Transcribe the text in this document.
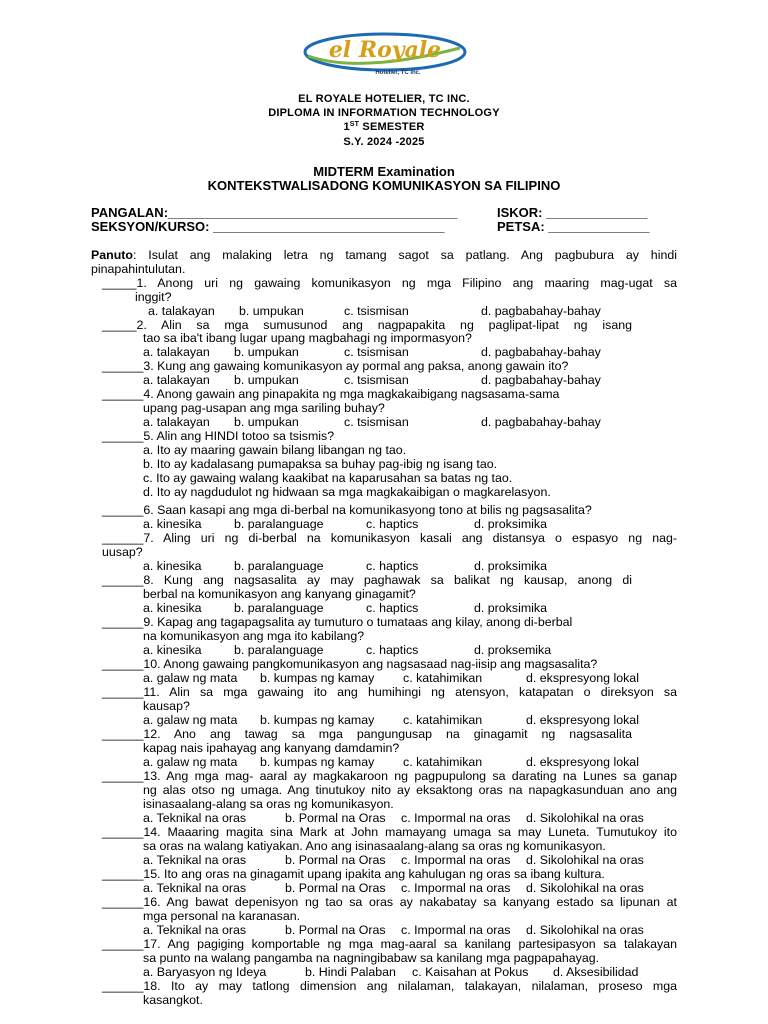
el Royale
Hotelier, TC Inc.
EL ROYALE HOTELIER, TC INC.
DIPLOMA IN INFORMATION TECHNOLOGY
1ST SEMESTER
S.Y. 2024 -2025
MIDTERM Examination
KONTEKSTWALISADONG KOMUNIKASYON SA FILIPINO
PANGALAN:________________________________________	ISKOR: ______________
SEKSYON/KURSO: ________________________________	PETSA: ______________
Panuto: Isulat ang malaking letra ng tamang sagot sa patlang. Ang pagbubura ay hindi
pinapahintulutan.
_____1. Anong uri ng gawaing komunikasyon ng mga Filipino ang maaring mag-ugat sa
inggit?
a. talakayan b. umpukan	c. tsismisan	d. pagbabahay-bahay
_____2. Alin sa mga sumusunod ang nagpapakita ng paglipat-lipat ng isang
tao sa iba't ibang lugar upang magbahagi ng impormasyon?
a. talakayan b. umpukan	c. tsismisan	d. pagbabahay-bahay
______3. Kung ang gawaing komunikasyon ay pormal ang paksa, anong gawain ito?
a. talakayan b. umpukan	c. tsismisan	d. pagbabahay-bahay
______4. Anong gawain ang pinapakita ng mga magkakaibigang nagsasama-sama
upang pag-usapan ang mga sariling buhay?
a. talakayan b. umpukan	c. tsismisan	d. pagbabahay-bahay
______5. Alin ang HINDI totoo sa tsismis?
a. Ito ay maaring gawain bilang libangan ng tao.
b. Ito ay kadalasang pumapaksa sa buhay pag-ibig ng isang tao.
c. Ito ay gawaing walang kaakibat na kaparusahan sa batas ng tao.
d. Ito ay nagdudulot ng hidwaan sa mga magkakaibigan o magkarelasyon.
______6. Saan kasapi ang mga di-berbal na komunikasyong tono at bilis ng pagsasalita?
a. kinesika	b. paralanguage	c. haptics	d. proksimika
______7. Aling uri ng di-berbal na komunikasyon kasali ang distansya o espasyo ng nag-
uusap?
a. kinesika	b. paralanguage	c. haptics	d. proksimika
______8. Kung ang nagsasalita ay may paghawak sa balikat ng kausap, anong di
berbal na komunikasyon ang kanyang ginagamit?
a. kinesika	b. paralanguage	c. haptics	d. proksimika
______9. Kapag ang tagapagsalita ay tumuturo o tumataas ang kilay, anong di-berbal
na komunikasyon ang mga ito kabilang?
a. kinesika	b. paralanguage	c. haptics	d. proksemika
______10. Anong gawaing pangkomunikasyon ang nagsasaad nag-iisip ang magsasalita?
a. galaw ng mata b. kumpas ng kamay c. katahimikan	d. ekspresyong lokal
______11. Alin sa mga gawaing ito ang humihingi ng atensyon, katapatan o direksyon sa
kausap?
a. galaw ng mata b. kumpas ng kamay c. katahimikan	d. ekspresyong lokal
______12. Ano ang tawag sa mga pangungusap na ginagamit ng nagsasalita
kapag nais ipahayag ang kanyang damdamin?
a. galaw ng mata b. kumpas ng kamay c. katahimikan	d. ekspresyong lokal
______13. Ang mga mag- aaral ay magkakaroon ng pagpupulong sa darating na Lunes sa ganap
ng alas otso ng umaga. Ang tinutukoy nito ay eksaktong oras na napagkasunduan ano ang
isinasaalang-alang sa oras ng komunikasyon.
a. Teknikal na oras	b. Pormal na Oras c. Impormal na oras d. Sikolohikal na oras
______14. Maaaring magita sina Mark at John mamayang umaga sa may Luneta. Tumutukoy ito
sa oras na walang katiyakan. Ano ang isinasaalang-alang sa oras ng komunikasyon.
a. Teknikal na oras	b. Pormal na Oras c. Impormal na oras d. Sikolohikal na oras
______15. Ito ang oras na ginagamit upang ipakita ang kahulugan ng oras sa ibang kultura.
a. Teknikal na oras	b. Pormal na Oras c. Impormal na oras d. Sikolohikal na oras
______16. Ang bawat depenisyon ng tao sa oras ay nakabatay sa kanyang estado sa lipunan at
mga personal na karanasan.
a. Teknikal na oras	b. Pormal na Oras c. Impormal na oras d. Sikolohikal na oras
______17. Ang pagiging komportable ng mga mag-aaral sa kanilang partesipasyon sa talakayan
sa punto na walang pangamba na nagningibabaw sa kanilang mga pagpapahayag.
a. Baryasyon ng Ideya	b. Hindi Palaban c. Kaisahan at Pokus d. Aksesibilidad
______18. Ito ay may tatlong dimension ang nilalaman, talakayan, nilalaman, proseso mga
kasangkot.
